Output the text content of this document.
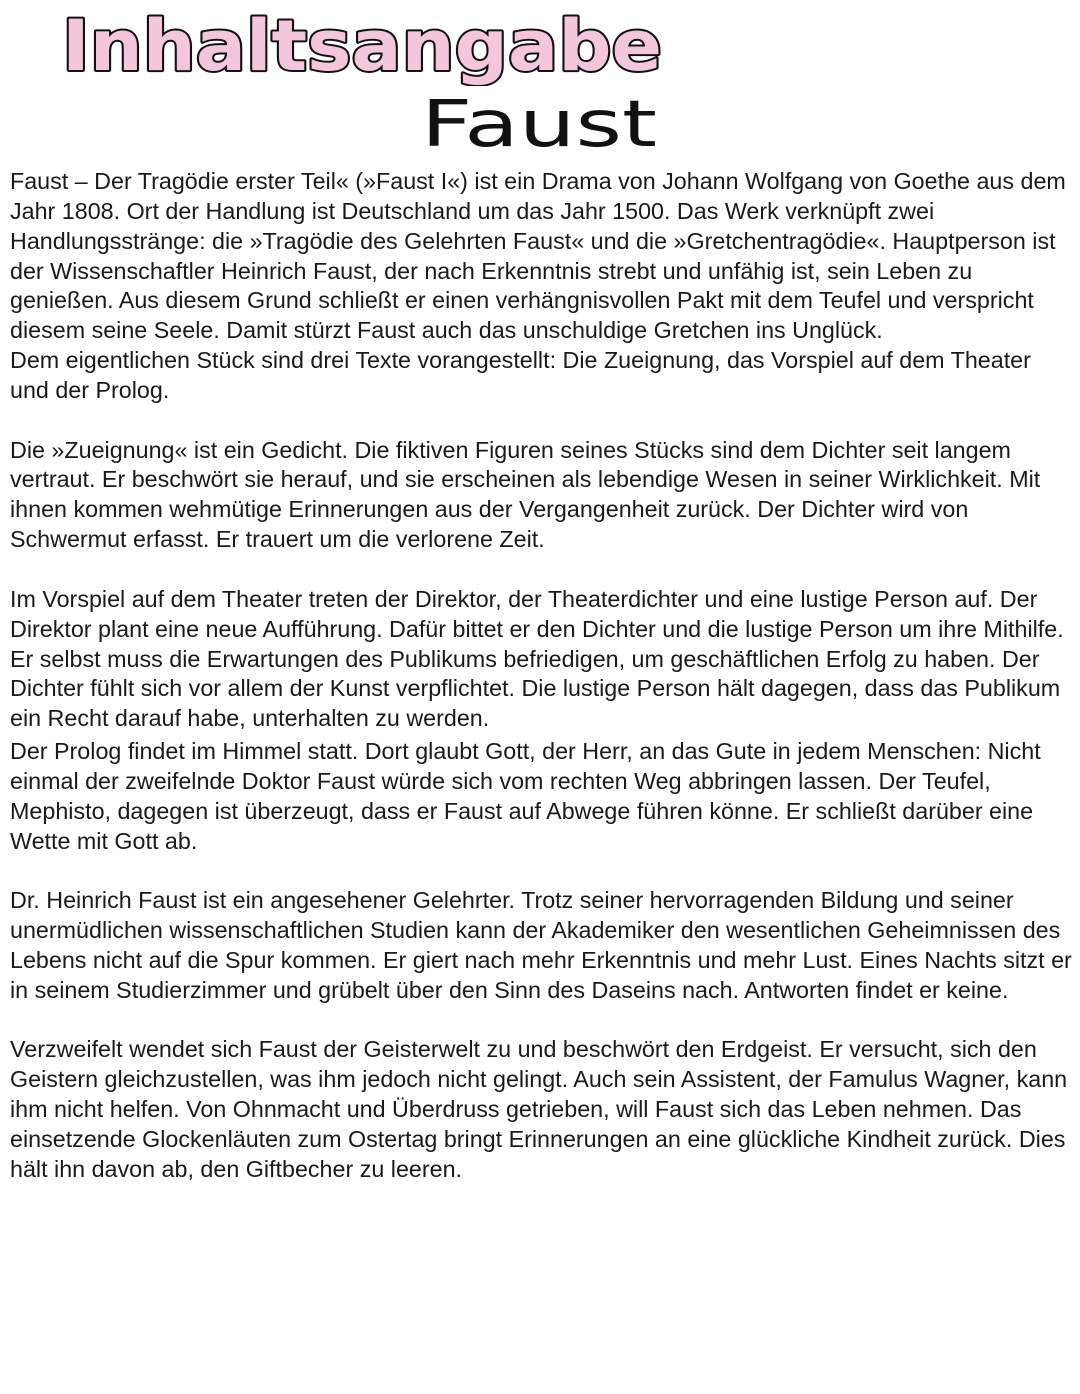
Inhaltsangabe
Faust

Faust – Der Tragödie erster Teil« (»Faust I«) ist ein Drama von Johann Wolfgang von Goethe aus dem Jahr 1808. Ort der Handlung ist Deutschland um das Jahr 1500. Das Werk verknüpft zwei Handlungsstränge: die »Tragödie des Gelehrten Faust« und die »Gretchentragödie«. Hauptperson ist der Wissenschaftler Heinrich Faust, der nach Erkenntnis strebt und unfähig ist, sein Leben zu genießen. Aus diesem Grund schließt er einen verhängnisvollen Pakt mit dem Teufel und verspricht diesem seine Seele. Damit stürzt Faust auch das unschuldige Gretchen ins Unglück.

Dem eigentlichen Stück sind drei Texte vorangestellt: Die Zueignung, das Vorspiel auf dem Theater und der Prolog.

Die »Zueignung« ist ein Gedicht. Die fiktiven Figuren seines Stücks sind dem Dichter seit langem vertraut. Er beschwört sie herauf, und sie erscheinen als lebendige Wesen in seiner Wirklichkeit. Mit ihnen kommen wehmütige Erinnerungen aus der Vergangenheit zurück. Der Dichter wird von Schwermut erfasst. Er trauert um die verlorene Zeit.

Im Vorspiel auf dem Theater treten der Direktor, der Theaterdichter und eine lustige Person auf. Der Direktor plant eine neue Aufführung. Dafür bittet er den Dichter und die lustige Person um ihre Mithilfe. Er selbst muss die Erwartungen des Publikums befriedigen, um geschäftlichen Erfolg zu haben. Der Dichter fühlt sich vor allem der Kunst verpflichtet. Die lustige Person hält dagegen, dass das Publikum ein Recht darauf habe, unterhalten zu werden.

Der Prolog findet im Himmel statt. Dort glaubt Gott, der Herr, an das Gute in jedem Menschen: Nicht einmal der zweifelnde Doktor Faust würde sich vom rechten Weg abbringen lassen. Der Teufel, Mephisto, dagegen ist überzeugt, dass er Faust auf Abwege führen könne. Er schließt darüber eine Wette mit Gott ab.

Dr. Heinrich Faust ist ein angesehener Gelehrter. Trotz seiner hervorragenden Bildung und seiner unermüdlichen wissenschaftlichen Studien kann der Akademiker den wesentlichen Geheimnissen des Lebens nicht auf die Spur kommen. Er giert nach mehr Erkenntnis und mehr Lust. Eines Nachts sitzt er in seinem Studierzimmer und grübelt über den Sinn des Daseins nach. Antworten findet er keine.

Verzweifelt wendet sich Faust der Geisterwelt zu und beschwört den Erdgeist. Er versucht, sich den Geistern gleichzustellen, was ihm jedoch nicht gelingt. Auch sein Assistent, der Famulus Wagner, kann ihm nicht helfen. Von Ohnmacht und Überdruss getrieben, will Faust sich das Leben nehmen. Das einsetzende Glockenläuten zum Ostertag bringt Erinnerungen an eine glückliche Kindheit zurück. Dies hält ihn davon ab, den Giftbecher zu leeren.
